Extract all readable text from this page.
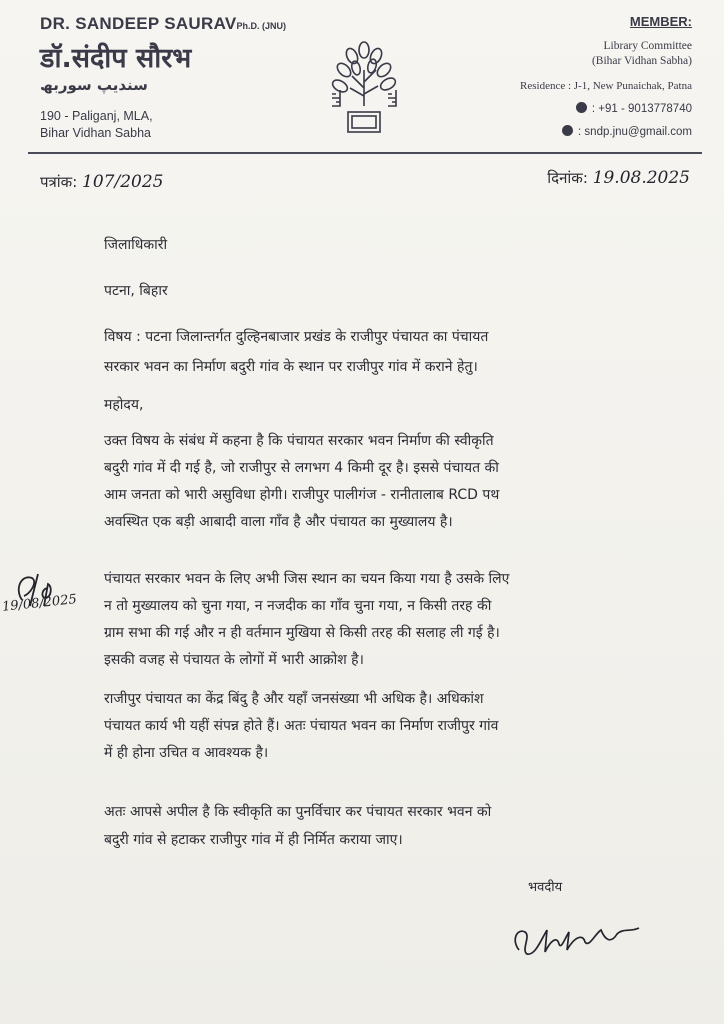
DR. SANDEEP SAURAVPh.D. (JNU)
डॉ.संदीप सौरभ
سندیپ سوربھ
190 - Paliganj, MLA,
Bihar Vidhan Sabha
MEMBER:
Library Committee
(Bihar Vidhan Sabha)
Residence : J-1, New Punaichak, Patna
: +91 - 9013778740
: sndp.jnu@gmail.com
पत्रांक: 107/2025	दिनांक: 19.08.2025
जिलाधिकारी
पटना, बिहार
विषय : पटना जिलान्तर्गत दुल्हिनबाजार प्रखंड के राजीपुर पंचायत का पंचायत
सरकार भवन का निर्माण बदुरी गांव के स्थान पर राजीपुर गांव में कराने हेतु।
महोदय,
उक्त विषय के संबंध में कहना है कि पंचायत सरकार भवन निर्माण की स्वीकृति
बदुरी गांव में दी गई है, जो राजीपुर से लगभग 4 किमी दूर है। इससे पंचायत की
आम जनता को भारी असुविधा होगी। राजीपुर पालीगंज - रानीतालाब RCD पथ
अवस्थित एक बड़ी आबादी वाला गाँव है और पंचायत का मुख्यालय है।
पंचायत सरकार भवन के लिए अभी जिस स्थान का चयन किया गया है उसके लिए
न तो मुख्यालय को चुना गया, न नजदीक का गाँव चुना गया, न किसी तरह की
ग्राम सभा की गई और न ही वर्तमान मुखिया से किसी तरह की सलाह ली गई है।
इसकी वजह से पंचायत के लोगों में भारी आक्रोश है।
19/08/2025
राजीपुर पंचायत का केंद्र बिंदु है और यहाँ जनसंख्या भी अधिक है। अधिकांश
पंचायत कार्य भी यहीं संपन्न होते हैं। अतः पंचायत भवन का निर्माण राजीपुर गांव
में ही होना उचित व आवश्यक है।
अतः आपसे अपील है कि स्वीकृति का पुनर्विचार कर पंचायत सरकार भवन को
बदुरी गांव से हटाकर राजीपुर गांव में ही निर्मित कराया जाए।
भवदीय
